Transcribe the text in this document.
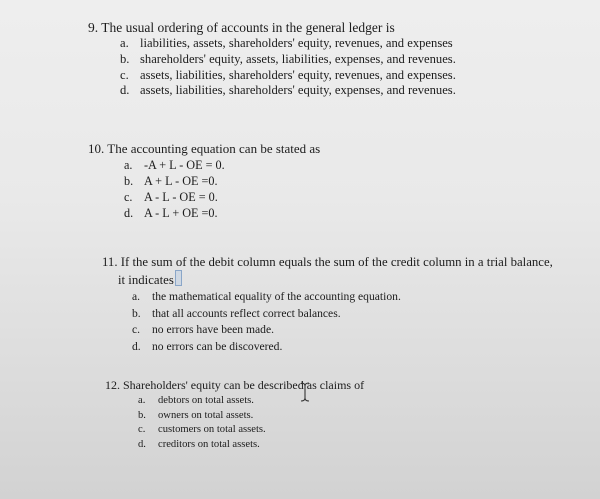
9. The usual ordering of accounts in the general ledger is
a. liabilities, assets, shareholders' equity, revenues, and expenses
b. shareholders' equity, assets, liabilities, expenses, and revenues.
c. assets, liabilities, shareholders' equity, revenues, and expenses.
d. assets, liabilities, shareholders' equity, expenses, and revenues.
10. The accounting equation can be stated as
a. -A + L - OE = 0.
b. A + L - OE =0.
c. A - L - OE = 0.
d. A - L + OE =0.
11. If the sum of the debit column equals the sum of the credit column in a trial balance,
it indicates
a. the mathematical equality of the accounting equation.
b. that all accounts reflect correct balances.
c. no errors have been made.
d. no errors can be discovered.
12. Shareholders' equity can be described as claims of
a. debtors on total assets.
b. owners on total assets.
c. customers on total assets.
d. creditors on total assets.
